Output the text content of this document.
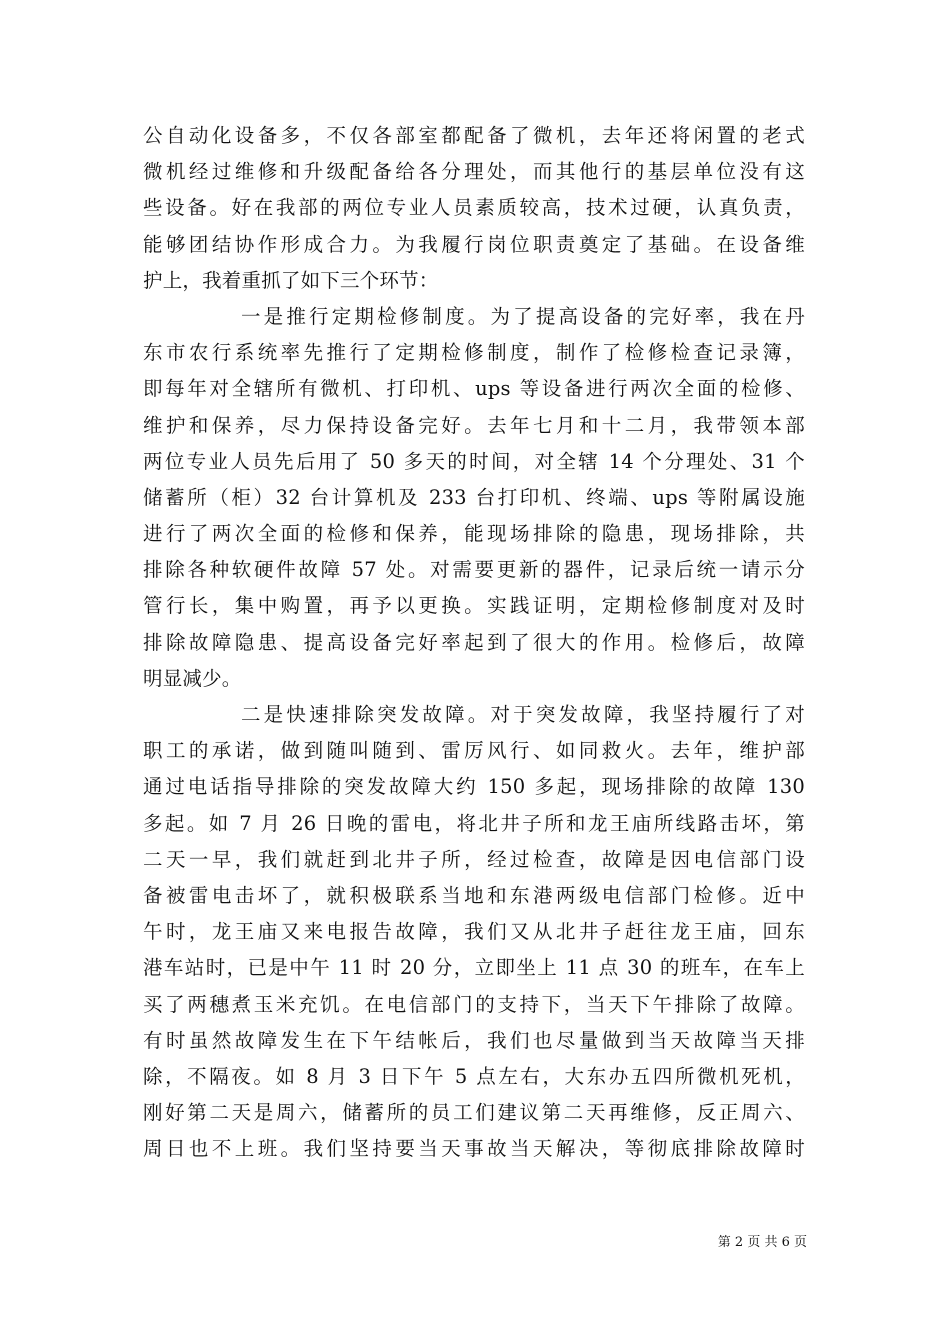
公自动化设备多，不仅各部室都配备了微机，去年还将闲置的老式
微机经过维修和升级配备给各分理处，而其他行的基层单位没有这
些设备。好在我部的两位专业人员素质较高，技术过硬，认真负责，
能够团结协作形成合力。为我履行岗位职责奠定了基础。在设备维
护上，我着重抓了如下三个环节：
一是推行定期检修制度。为了提高设备的完好率，我在丹
东市农行系统率先推行了定期检修制度，制作了检修检查记录簿，
即每年对全辖所有微机、打印机、ups 等设备进行两次全面的检修、
维护和保养，尽力保持设备完好。去年七月和十二月，我带领本部
两位专业人员先后用了 50 多天的时间，对全辖 14 个分理处、31 个
储蓄所（柜）32 台计算机及 233 台打印机、终端、ups 等附属设施
进行了两次全面的检修和保养，能现场排除的隐患，现场排除，共
排除各种软硬件故障 57 处。对需要更新的器件，记录后统一请示分
管行长，集中购置，再予以更换。实践证明，定期检修制度对及时
排除故障隐患、提高设备完好率起到了很大的作用。检修后，故障
明显减少。
二是快速排除突发故障。对于突发故障，我坚持履行了对
职工的承诺，做到随叫随到、雷厉风行、如同救火。去年，维护部
通过电话指导排除的突发故障大约 150 多起，现场排除的故障 130
多起。如 7 月 26 日晚的雷电，将北井子所和龙王庙所线路击坏，第
二天一早，我们就赶到北井子所，经过检查，故障是因电信部门设
备被雷电击坏了，就积极联系当地和东港两级电信部门检修。近中
午时，龙王庙又来电报告故障，我们又从北井子赶往龙王庙，回东
港车站时，已是中午 11 时 20 分，立即坐上 11 点 30 的班车，在车上
买了两穗煮玉米充饥。在电信部门的支持下，当天下午排除了故障。
有时虽然故障发生在下午结帐后，我们也尽量做到当天故障当天排
除，不隔夜。如 8 月 3 日下午 5 点左右，大东办五四所微机死机，
刚好第二天是周六，储蓄所的员工们建议第二天再维修，反正周六、
周日也不上班。我们坚持要当天事故当天解决，等彻底排除故障时
第 2 页 共 6 页
